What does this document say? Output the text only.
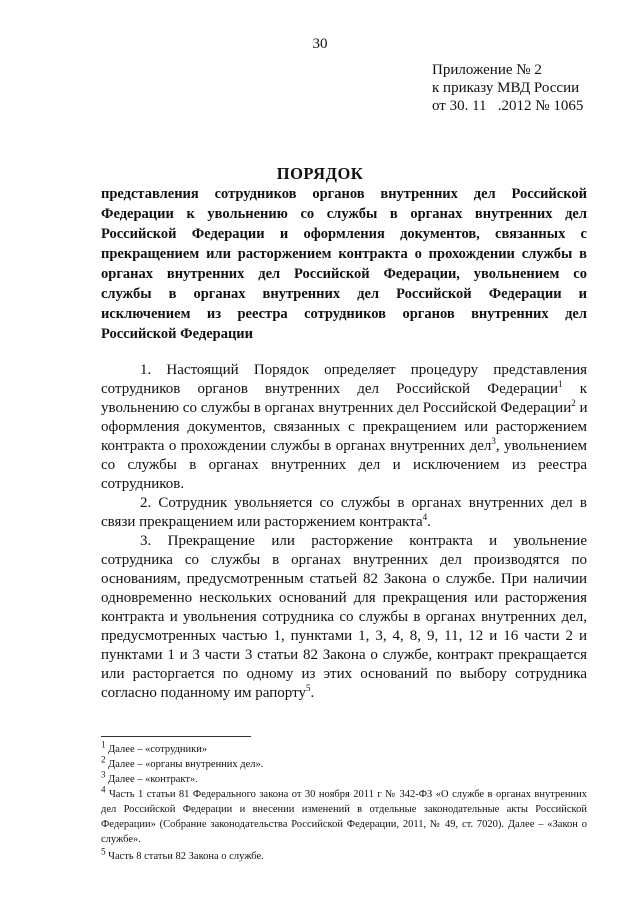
30
Приложение № 2
к приказу МВД России
от 30. 11   .2012 № 1065
ПОРЯДОК
представления сотрудников органов внутренних дел Российской
Федерации к увольнению со службы в органах внутренних дел
Российской Федерации и оформления документов, связанных с
прекращением или расторжением контракта о прохождении службы в
органах внутренних дел Российской Федерации, увольнением со
службы в органах внутренних дел Российской Федерации и
исключением из реестра сотрудников органов внутренних дел
Российской Федерации
1. Настоящий Порядок определяет процедуру представления
сотрудников органов внутренних дел Российской Федерации$^1$ к
увольнению со службы в органах внутренних дел Российской Федерации$^2$ и
оформления документов, связанных с прекращением или расторжением
контракта о прохождении службы в органах внутренних дел$^3$, увольнением
со службы в органах внутренних дел и исключением из реестра
сотрудников.
2. Сотрудник увольняется со службы в органах внутренних дел в
связи прекращением или расторжением контракта$^4$.
3. Прекращение или расторжение контракта и увольнение
сотрудника со службы в органах внутренних дел производятся по
основаниям, предусмотренным статьей 82 Закона о службе. При наличии
одновременно нескольких оснований для прекращения или расторжения
контракта и увольнения сотрудника со службы в органах внутренних дел,
предусмотренных частью 1, пунктами 1, 3, 4, 8, 9, 11, 12 и 16 части 2 и
пунктами 1 и 3 части 3 статьи 82 Закона о службе, контракт прекращается
или расторгается по одному из этих оснований по выбору сотрудника
согласно поданному им рапорту$^5$.
$^1$ Далее – «сотрудники»
$^2$ Далее – «органы внутренних дел».
$^3$ Далее – «контракт».
$^4$ Часть 1 статьи 81 Федерального закона от 30 ноября 2011 г № 342-ФЗ «О службе в органах внутренних
дел Российской Федерации и внесении изменений в отдельные законодательные акты Российской
Федерации» (Собрание законодательства Российской Федерации, 2011, № 49, ст. 7020). Далее – «Закон о
службе».
$^5$ Часть 8 статьи 82 Закона о службе.
